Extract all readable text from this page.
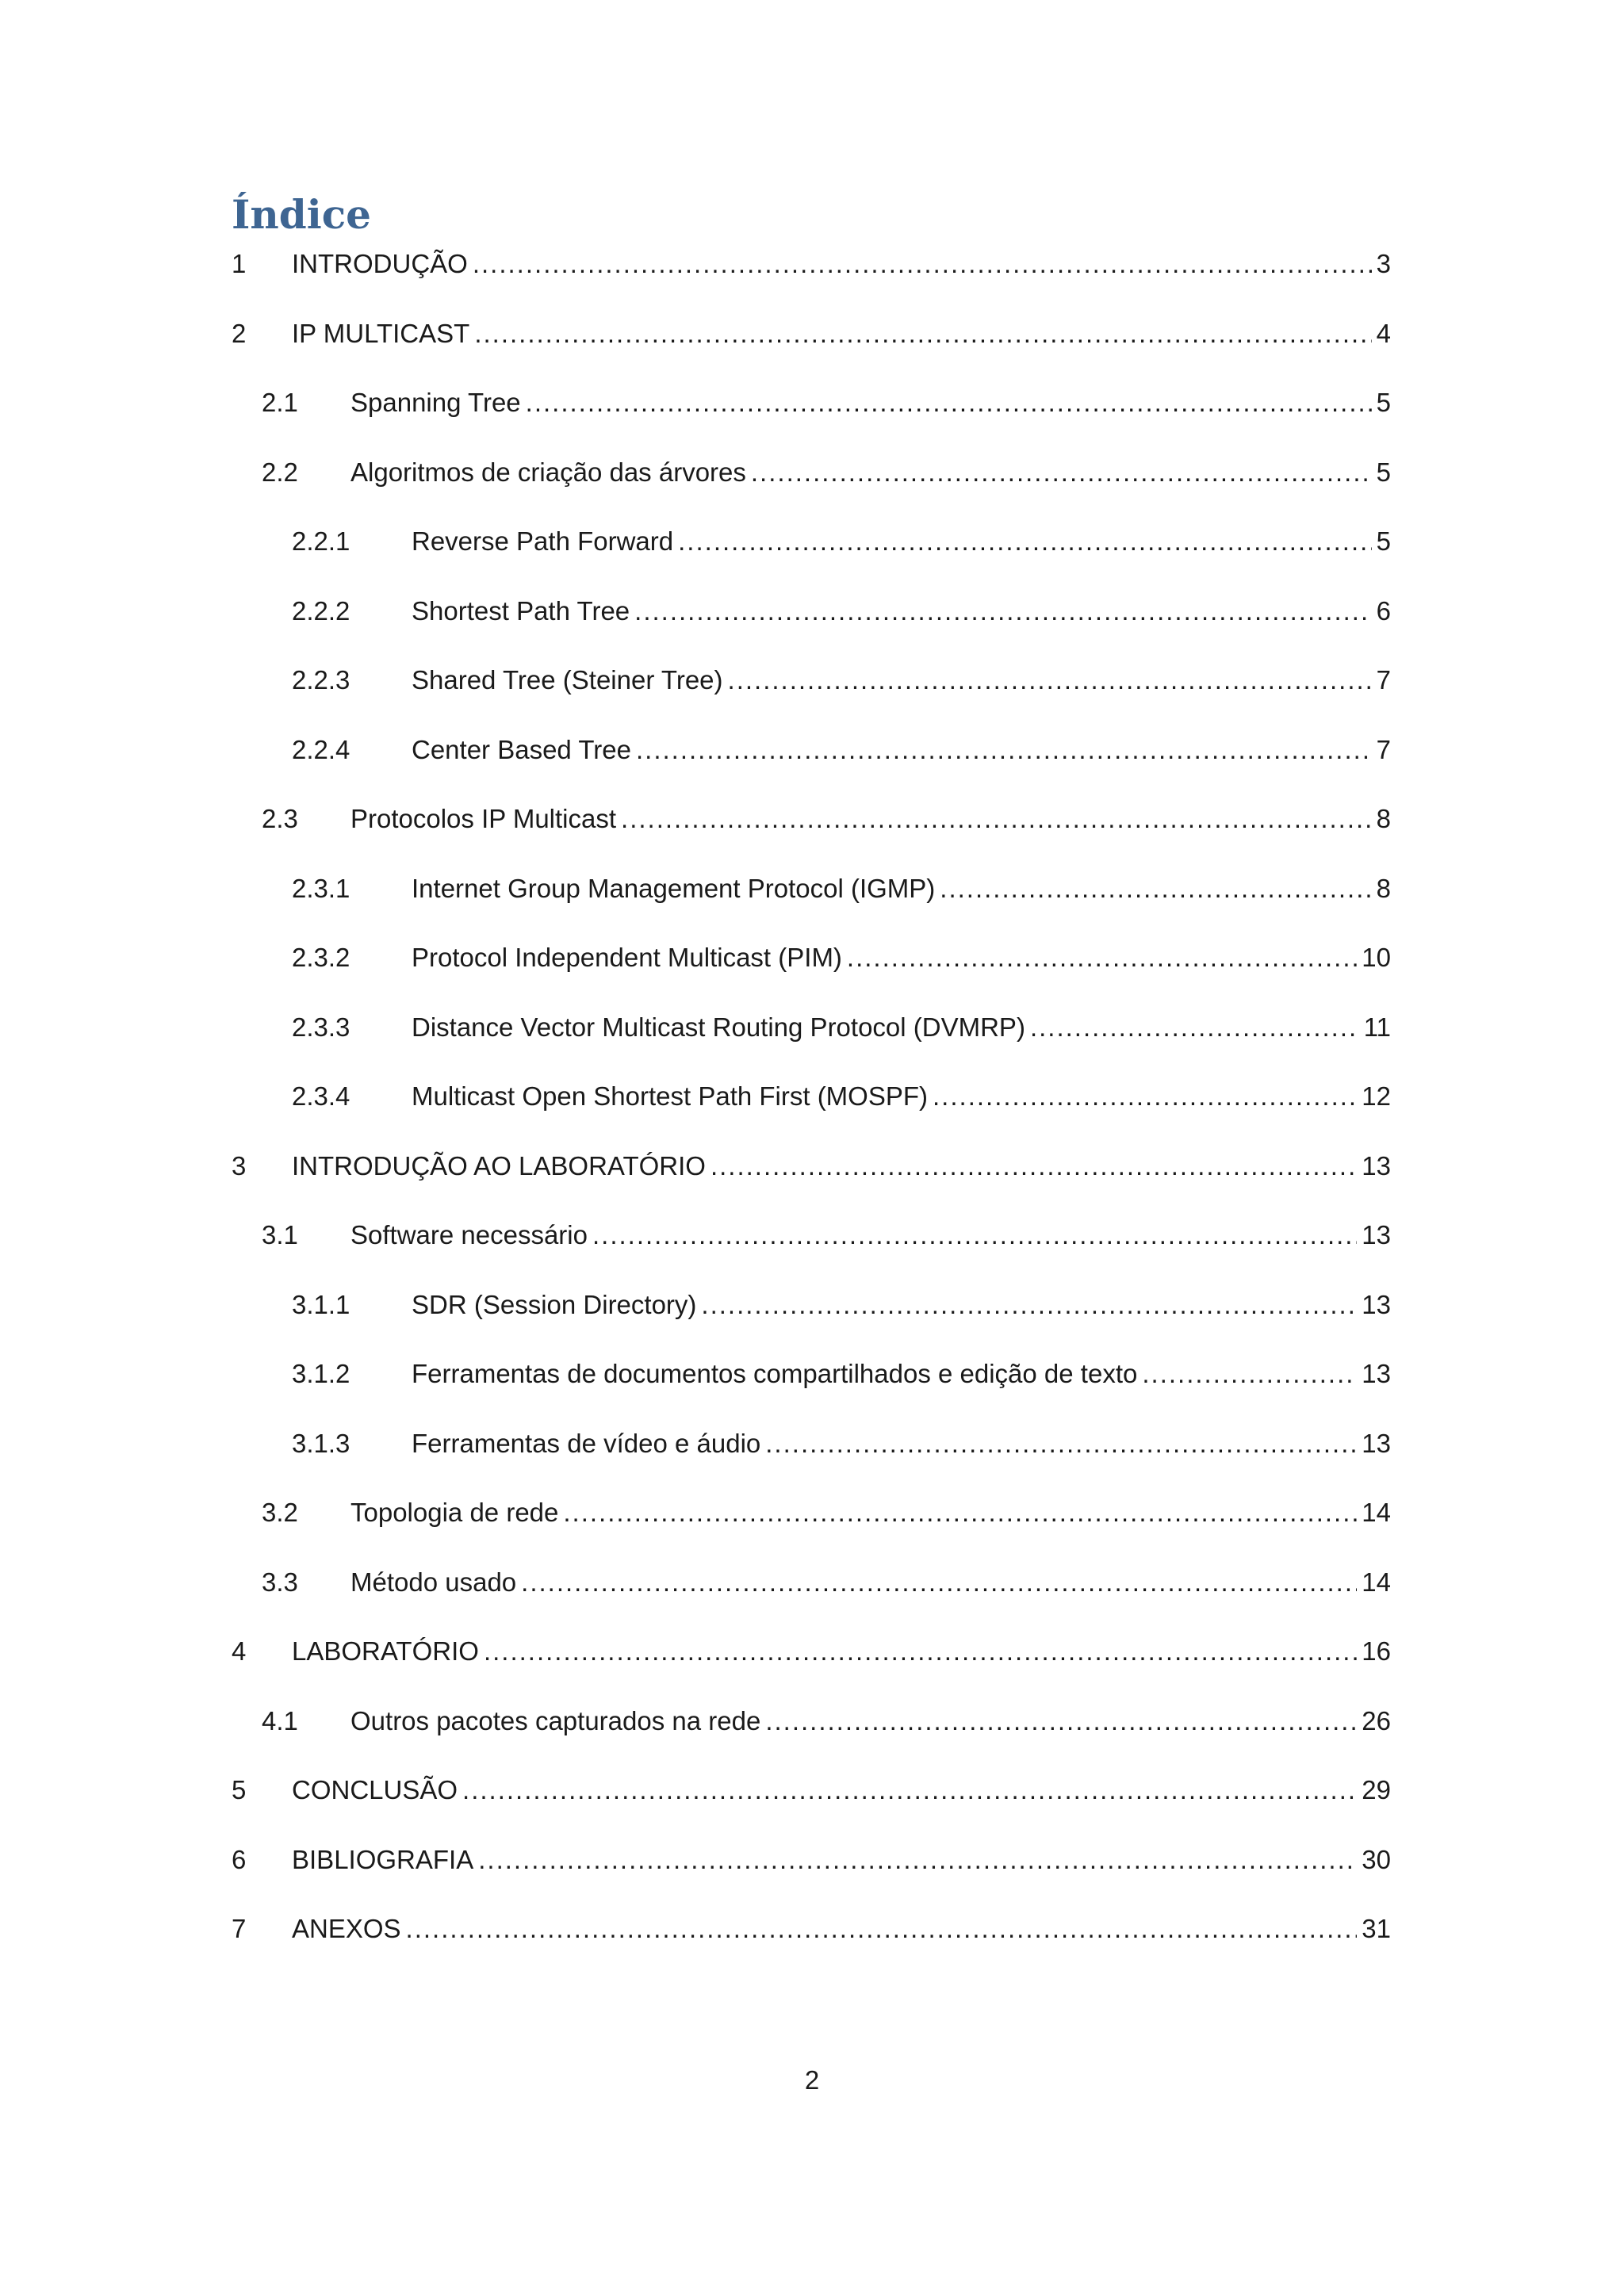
Índice
1	INTRODUÇÃO .....	3
2	IP MULTICAST .....	4
2.1	Spanning Tree .....	5
2.2	Algoritmos de criação das árvores .....	5
2.2.1	Reverse Path Forward .....	5
2.2.2	Shortest Path Tree .....	6
2.2.3	Shared Tree (Steiner Tree) .....	7
2.2.4	Center Based Tree .....	7
2.3	Protocolos IP Multicast .....	8
2.3.1	Internet Group Management Protocol (IGMP) .....	8
2.3.2	Protocol Independent Multicast (PIM) .....	10
2.3.3	Distance Vector Multicast Routing Protocol (DVMRP) .....	11
2.3.4	Multicast Open Shortest Path First (MOSPF) .....	12
3	INTRODUÇÃO AO LABORATÓRIO .....	13
3.1	Software necessário .....	13
3.1.1	SDR (Session Directory) .....	13
3.1.2	Ferramentas de documentos compartilhados e edição de texto .....	13
3.1.3	Ferramentas de vídeo e áudio .....	13
3.2	Topologia de rede .....	14
3.3	Método usado .....	14
4	LABORATÓRIO .....	16
4.1	Outros pacotes capturados na rede .....	26
5	CONCLUSÃO .....	29
6	BIBLIOGRAFIA .....	30
7	ANEXOS .....	31
2
